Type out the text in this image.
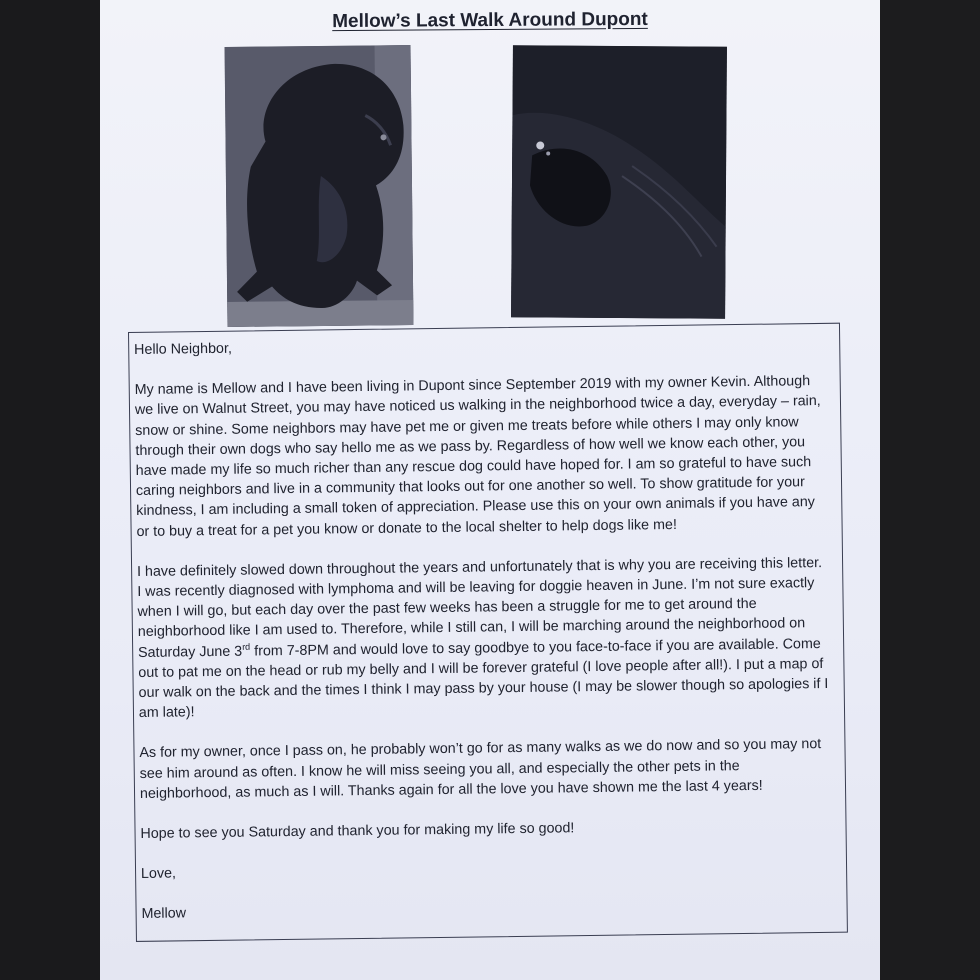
Mellow’s Last Walk Around Dupont

Hello Neighbor,

My name is Mellow and I have been living in Dupont since September 2019 with my owner Kevin. Although we live on Walnut Street, you may have noticed us walking in the neighborhood twice a day, everyday – rain, snow or shine. Some neighbors may have pet me or given me treats before while others I may only know through their own dogs who say hello me as we pass by. Regardless of how well we know each other, you have made my life so much richer than any rescue dog could have hoped for. I am so grateful to have such caring neighbors and live in a community that looks out for one another so well. To show gratitude for your kindness, I am including a small token of appreciation. Please use this on your own animals if you have any or to buy a treat for a pet you know or donate to the local shelter to help dogs like me!

I have definitely slowed down throughout the years and unfortunately that is why you are receiving this letter. I was recently diagnosed with lymphoma and will be leaving for doggie heaven in June. I’m not sure exactly when I will go, but each day over the past few weeks has been a struggle for me to get around the neighborhood like I am used to. Therefore, while I still can, I will be marching around the neighborhood on Saturday June 3rd from 7-8PM and would love to say goodbye to you face-to-face if you are available. Come out to pat me on the head or rub my belly and I will be forever grateful (I love people after all!). I put a map of our walk on the back and the times I think I may pass by your house (I may be slower though so apologies if I am late)!

As for my owner, once I pass on, he probably won’t go for as many walks as we do now and so you may not see him around as often. I know he will miss seeing you all, and especially the other pets in the neighborhood, as much as I will. Thanks again for all the love you have shown me the last 4 years!

Hope to see you Saturday and thank you for making my life so good!

Love,

Mellow
